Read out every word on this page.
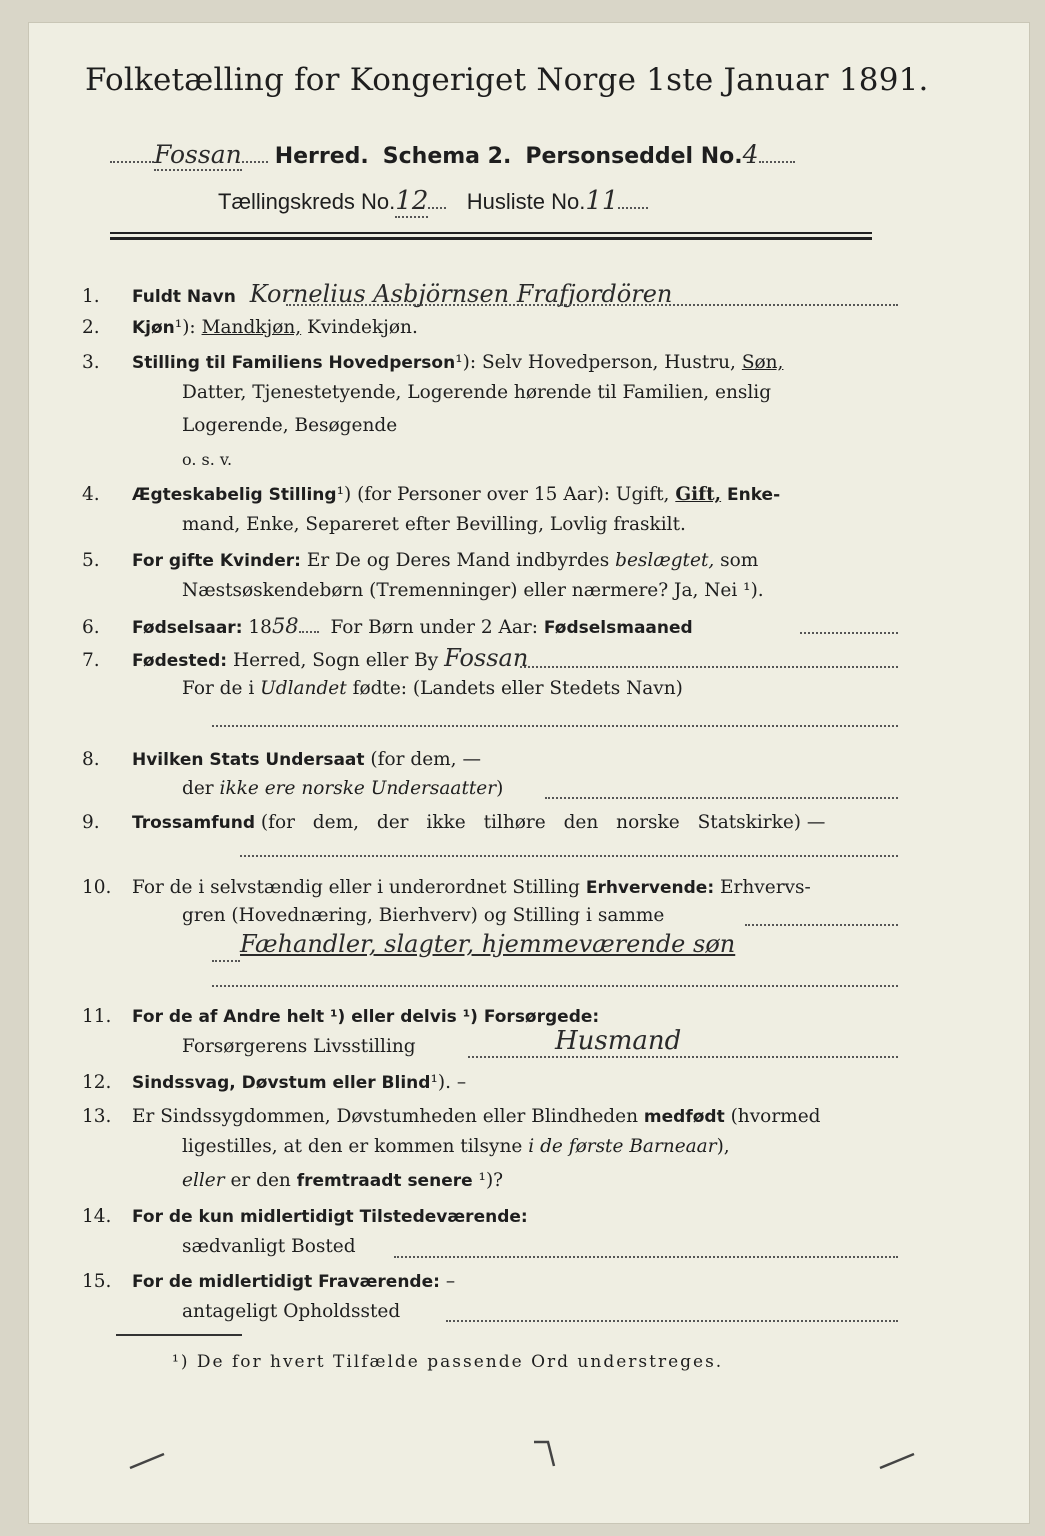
Folketælling for Kongeriget Norge 1ste Januar 1891.
Fossan Herred. Schema 2. Personseddel No.4
Tællingskreds No.12 Husliste No.11
1. Fuldt Navn Kornelius Asbjörnsen Frafjordören
2. Kjøn¹): Mandkjøn, Kvindekjøn.
3. Stilling til Familiens Hovedperson¹): Selv Hovedperson, Hustru, Søn,
Datter, Tjenestetyende, Logerende hørende til Familien, enslig
Logerende, Besøgende
o. s. v.
4. Ægteskabelig Stilling¹) (for Personer over 15 Aar): Ugift, Gift, Enke-
mand, Enke, Separeret efter Bevilling, Lovlig fraskilt.
5. For gifte Kvinder: Er De og Deres Mand indbyrdes beslægtet, som
Næstsøskendebørn (Tremenninger) eller nærmere? Ja, Nei ¹).
6. Fødselsaar: 1858 For Børn under 2 Aar: Fødselsmaaned
7. Fødested: Herred, Sogn eller By Fossan
For de i Udlandet fødte: (Landets eller Stedets Navn)
8. Hvilken Stats Undersaat (for dem, —
der ikke ere norske Undersaatter)
9. Trossamfund (for dem, der ikke tilhøre den norske Statskirke) —
10. For de i selvstændig eller i underordnet Stilling Erhvervende: Erhvervs-
gren (Hovednæring, Bierhverv) og Stilling i samme
Fæhandler, slagter, hjemmeværende søn
11. For de af Andre helt ¹) eller delvis ¹) Forsørgede:
Forsørgerens Livsstilling	Husmand
12. Sindssvag, Døvstum eller Blind¹). –
13. Er Sindssygdommen, Døvstumheden eller Blindheden medfødt (hvormed
ligestilles, at den er kommen tilsyne i de første Barneaar),
eller er den fremtraadt senere ¹)?
14. For de kun midlertidigt Tilstedeværende:
sædvanligt Bosted
15. For de midlertidigt Fraværende: –
antageligt Opholdssted
¹) De for hvert Tilfælde passende Ord understreges.
